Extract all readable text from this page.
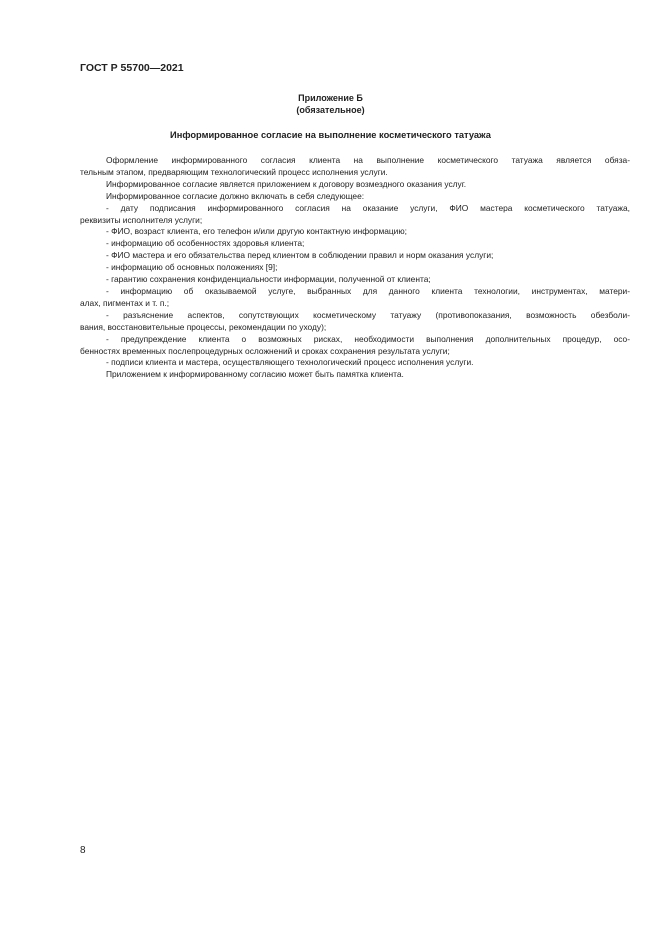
ГОСТ Р 55700—2021
Приложение Б
(обязательное)
Информированное согласие на выполнение косметического татуажа
Оформление информированного согласия клиента на выполнение косметического татуажа является обяза-
тельным этапом, предваряющим технологический процесс исполнения услуги.
Информированное согласие является приложением к договору возмездного оказания услуг.
Информированное согласие должно включать в себя следующее:
- дату подписания информированного согласия на оказание услуги, ФИО мастера косметического татуажа,
реквизиты исполнителя услуги;
- ФИО, возраст клиента, его телефон и/или другую контактную информацию;
- информацию об особенностях здоровья клиента;
- ФИО мастера и его обязательства перед клиентом в соблюдении правил и норм оказания услуги;
- информацию об основных положениях [9];
- гарантию сохранения конфиденциальности информации, полученной от клиента;
- информацию об оказываемой услуге, выбранных для данного клиента технологии, инструментах, матери-
алах, пигментах и т. п.;
- разъяснение аспектов, сопутствующих косметическому татуажу (противопоказания, возможность обезболи-
вания, восстановительные процессы, рекомендации по уходу);
- предупреждение клиента о возможных рисках, необходимости выполнения дополнительных процедур, осо-
бенностях временных послепроцедурных осложнений и сроках сохранения результата услуги;
- подписи клиента и мастера, осуществляющего технологический процесс исполнения услуги.
Приложением к информированному согласию может быть памятка клиента.
8
